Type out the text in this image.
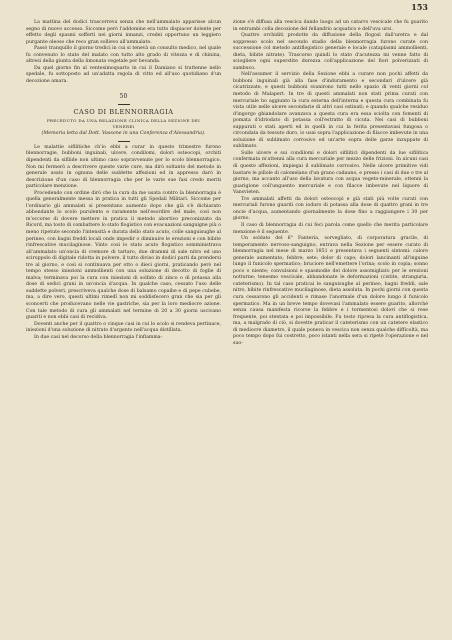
153

La mattina del dodici trascorreva senza che nell'ammalato apparisse alcun segno di nuovo accesso. Siccome però l'addomine era tutto dispiacer dolente per effetto degli spasmi sofferti nei giorni innanzi, credei opportuno un leggiero purgante oleoso che reco gran sollievo all'ammalato.

Passò tranquillo il giorno tredici in cui si tenevà un consulto medico, nel quale fu convenuto lo stato del malato con tutto alto grado di vitezza e di chinina, altresì della giunta della limonata vegetale per bevanda.

Da quel giorno fin al ventesimoquarto in cui il Damiano si trattenne nello spedale, fu sottoposto ad un'adatta regola di vitto ed all'uso quotidiano d'un decozione amara.

50
CASO DI BLENNORRAGIA
PRECEDUTO DA UNA RELAZIONE CLINICA DELLA SEZIONE DEI VENEREI
(Memoria letta dal Dott. Vassone in una Conferenza d'Alessandria).

Le malattie sifilitiche ch'io ebbi a curar in questo trimestre furono blennorragie, bubboni inguinali, ulcere, condilomi, dolori osteocopi, orchiti dipendenti da sifilide non ultimo caso sopravvenute per lo scolo blennorragico. Non mi fermerò a descrivere queste varie cure, ma dirò soltanto del metodo in generale usato in ognuna delle suddette affezioni ed in appresso darò in descrizione d'un caso di blennorragia che per le varie sue fasi credo meriti particolare menzione.

Procedendo con ordine dirò che la cura da me usata contro la blennorragia è quella generalmente messa in pratica in tutti gli Spedali Militari. Siccome per l'ordinario gli ammalati si presentano aumento dopo che già s'è dichiarato abbondante lo scolo purulento e raramente nell'esordire del male, così non m'occorse di dovere mettere in pratica il metodo abortivo preconizzato da Ricord, ma tosto di combattere lo stato flogistico con evacuazioni sanguigne più o meno ripetute secondo l'intensità e durata dello stato acuto, colle sanguisughe al perineo, con bagni freddi locali onde impedir o diminuire le erezioni e con bibite rinfrescative mucilaginose. Vinto così lo stato acuto flogistico somministrava all'ammalato un'oncia di cremore di tartaro, due drammi di sale nitro ed uno sciroppolo di digitale ridotta in polvere, il tutto diviso in dodici parti da prendersi tre al giorno, e così si continuava per otto o dieci giorni, praticando però nel tempo stesso iniezioni ammollienti con una soluzione di decotto di foglie di malva; terminava poi la cura con iniezioni di solfato di zinco o di potassa alla dose di sedici grani in un'oncia d'acqua. In qualche caso, cessato l'uso delle suddette polveri, prescriveva qualche dose di balsamo copaibe e di pepe cubebe, ma, a dire vero, questi ultimi rimedî non mi soddisfecero gran che sia per gli sconcerti che producevano nelle vie gastriche, sia per la loro mediocre azione. Con tale metodo di cura gli ammalati nel termine di 20 a 30 giorni uscivano guariti e non ebbi casi di recidiva.

Doventi anche per il quattro o cinque casi in cui lo scolo si rendeva pertinace, iniezioni d'una soluzione di nitrato d'argento nell'acqua distillata.

In due casi nel decorso della blennorragia l'infiamma-

zione s'è diffusa alla vescica dando luogo ad un catarro vescicale che fu guarito in entrambi colla decozione del fellandrio acquatico e dell'uva ursi.

Quattro orchiditi prodotte da diffusione della flogosi dall'uretra e dal soppresso scolo nel secondo stadio della blennorragia furono curate con successione col metodo antiflogistico generale e locale (cataplasmi ammollienti, dieta, bibite nitrate). Trascorso quindi lo stato d'acutezza mi venne fatto di sciogliere ogni superstite durezza coll'applicazione del fiori polverizzati di sambuco.

Nell'assumer il servizio della Sezione ebbi a curare non pochi affetti da bubboni inguinali già alla fase d'induramento e secondari d'ulcere già cicatrizzate, e questi bubboni svanirono tutti nello spazio di venti giorni col metodo di Malapert. In tre di questi ammalati non stati prima curati con mercuriale ho aggiunto la cura esterna dell'interna e questa cura combinata fu vista utile nelle ulcere secondarie di altri casi ostinati; e quando qualche residuo d'ingorgo ghiandolare avanzava a questa cura era essa sciolta con fomenti di pomata d'idriodato di potassa coll'estratto di cicuta. Nei casi di bubboni suppurati o stati aperti ed in quelli in cui la ferita presentavasi fungosa o circondata da tessuto duro, io usai sopra l'applicazione di filacce imbevute in una soluzione di sublimato corrosivo ed un'arte sopra delle garze inzuppate di sublimato.

Sulle ulcere e sui condilomi e dolori sifilitici dipendenti da lue sifilitica confermata m'attenni alla cura mercuriale per mezzo delle frizioni. In alcuni casi di queste affezioni, impiegai il sublimato corrosivo. Nelle ulcere primitive vidi bastare le pillole di calomelano d'un grano cadauno, e presso i casi di due o tre al giorno, ma accanto all'uso della lavatura con acqua vegeto-minerale, ottenni la guarigione coll'unguento mercuriale e con filacce imbevute nel liquore di Vansvieten.

Tre ammalati affetti da dolori osteocopi e già stati più volte curati con mercuriali furono guariti con ioduro di potassa alla dose di quattro grani in tre oncie d'acqua, aumentando giornalmente la dose fino a raggiungere i 30 per giorno.

Il caso di blennorragia di cui feci parola come quello che merita particolare menzione è il seguente.

Un soldato del 6° Fanteria, sorvegliato, di corporatura gracile, di temperamento nervoso-sanguigno, entrava nella Sezione per essere curato di blennorragia nel mese di marzo 1851 e presentava i seguenti sintomi: calore generale aumentato; febbre; sete; dolor di capo; dolori lancinanti all'inguine lungo il funicolo spermatico; bruciore nell'emettere l'orina; scolo in copia; sonno poco o niente; convulsioni e spasmodie del dolore assomigliato per le erezioni notturne; tenesmo vescicale, abbandonate le deformazioni (cistite, stranguria, cateterismo). In tal caso praticai le sanguisughe al perineo, bagni freddi, sale nitro, bibite rinfrescative mucilaginose, dieta assoluta. In pochi giorni con questa cura cessarono gli accidenti e rimase l'anormale d'un dolore lungo il funicolo spermatico. Ma in un breve tempo dovevasi l'ammalato essere guarito, allorché senza causa manifesta ricorse la febbre e i tormentosi dolori che si rese frequente, poi stentata e poi impossibile. Fu tosto ripresa la cura antiflogistica, ma, a malgrado di ciò, si dovette praticar il cateterismo con un catetere elastico di mediocre diametro, il quale poneva in vescica non senza qualche difficoltà, ma poco tempo dopo fui costretto, poco istanti nella sera si ripetè l'operazione e nel suo-
